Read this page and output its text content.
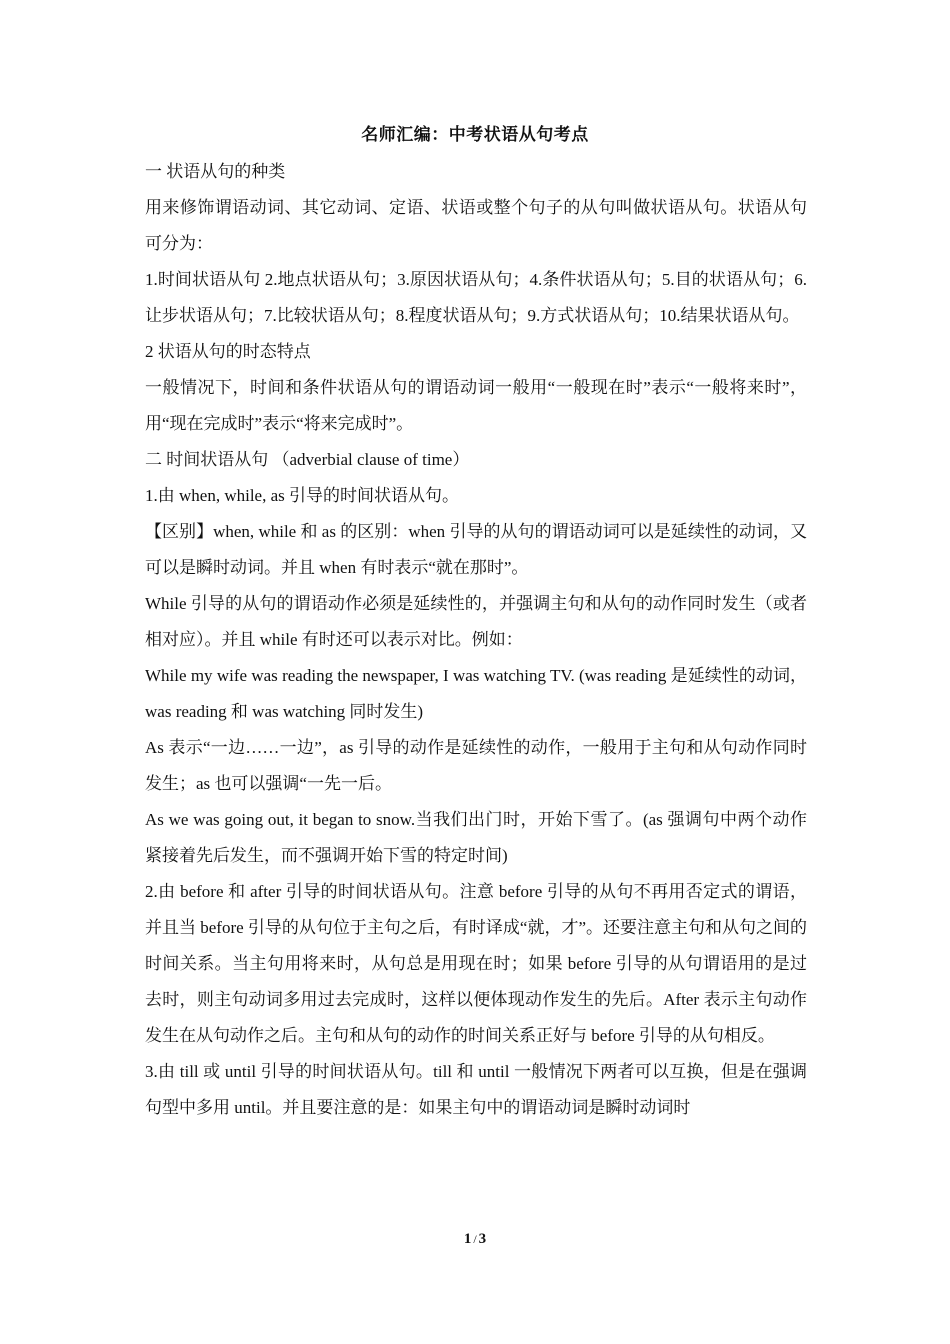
名师汇编：中考状语从句考点

一 状语从句的种类

用来修饰谓语动词、其它动词、定语、状语或整个句子的从句叫做状语从句。状语从句可分为：

1.时间状语从句 2.地点状语从句；3.原因状语从句；4.条件状语从句；5.目的状语从句；6.让步状语从句；7.比较状语从句；8.程度状语从句；9.方式状语从句；10.结果状语从句。

2 状语从句的时态特点

一般情况下，时间和条件状语从句的谓语动词一般用“一般现在时”表示“一般将来时”，用“现在完成时”表示“将来完成时”。

二 时间状语从句 （adverbial clause of time）

1.由 when, while, as 引导的时间状语从句。

【区别】when, while 和 as 的区别：when 引导的从句的谓语动词可以是延续性的动词，又可以是瞬时动词。并且 when 有时表示“就在那时”。

While 引导的从句的谓语动作必须是延续性的，并强调主句和从句的动作同时发生（或者相对应）。并且 while 有时还可以表示对比。例如：

While my wife was reading the newspaper, I was watching TV. (was reading 是延续性的动词，was reading 和 was watching 同时发生)

As 表示“一边……一边”，as 引导的动作是延续性的动作，一般用于主句和从句动作同时发生；as 也可以强调“一先一后。

As we was going out, it began to snow.当我们出门时，开始下雪了。(as 强调句中两个动作紧接着先后发生，而不强调开始下雪的特定时间)

2.由 before 和 after 引导的时间状语从句。注意 before 引导的从句不再用否定式的谓语，并且当 before 引导的从句位于主句之后，有时译成“就，才”。还要注意主句和从句之间的时间关系。当主句用将来时，从句总是用现在时；如果 before 引导的从句谓语用的是过去时，则主句动词多用过去完成时，这样以便体现动作发生的先后。After 表示主句动作发生在从句动作之后。主句和从句的动作的时间关系正好与 before 引导的从句相反。

3.由 till 或 until 引导的时间状语从句。till 和 until 一般情况下两者可以互换，但是在强调句型中多用 until。并且要注意的是：如果主句中的谓语动词是瞬时动词时

1 / 3
